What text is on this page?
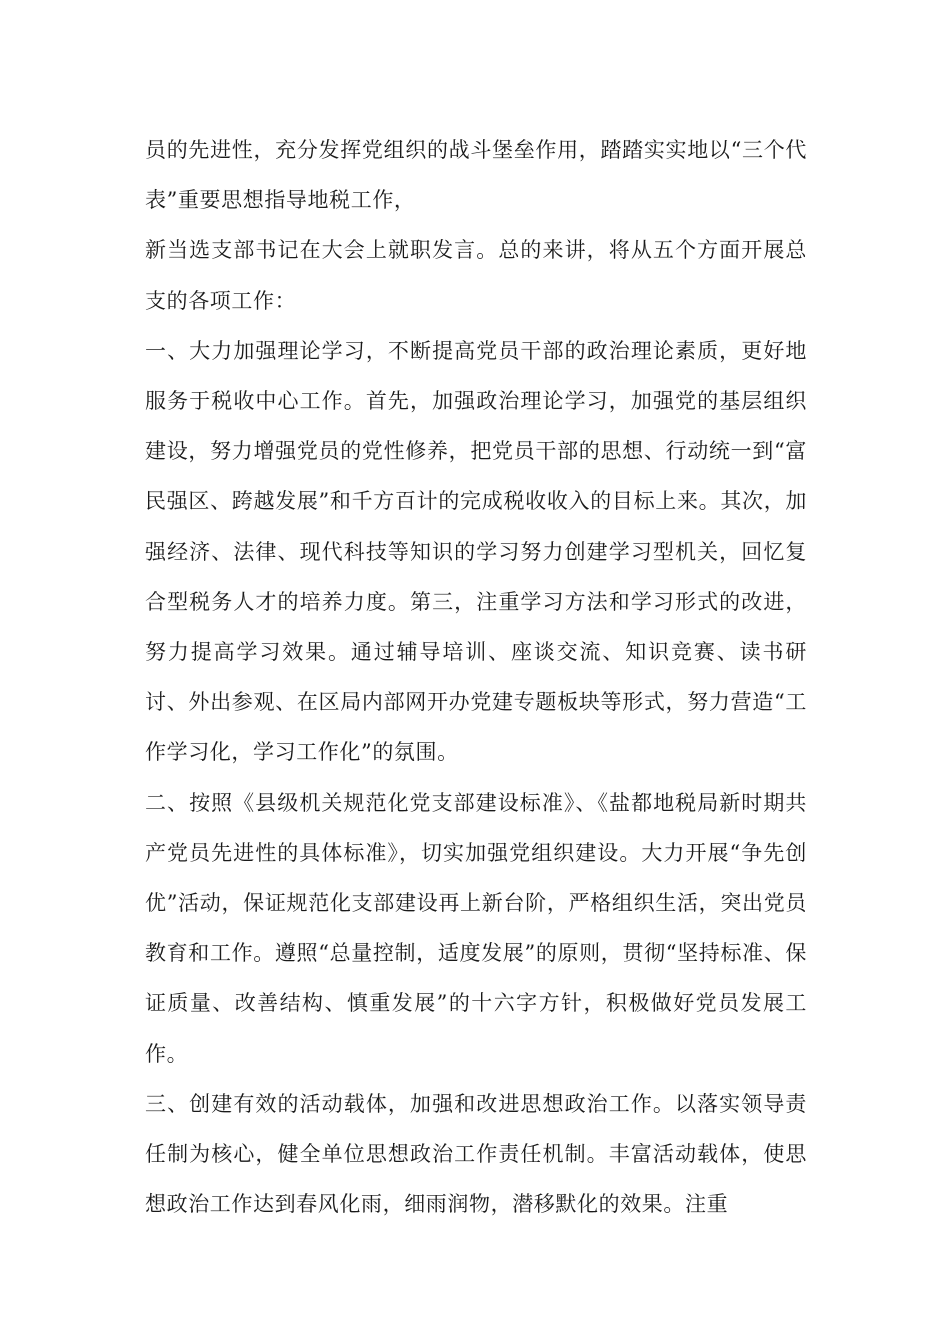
员的先进性，充分发挥党组织的战斗堡垒作用，踏踏实实地以“三个代表”重要思想指导地税工作，

新当选支部书记在大会上就职发言。总的来讲，将从五个方面开展总支的各项工作：

一、大力加强理论学习，不断提高党员干部的政治理论素质，更好地服务于税收中心工作。首先，加强政治理论学习，加强党的基层组织建设，努力增强党员的党性修养，把党员干部的思想、行动统一到“富民强区、跨越发展”和千方百计的完成税收收入的目标上来。其次，加强经济、法律、现代科技等知识的学习努力创建学习型机关，回忆复合型税务人才的培养力度。第三，注重学习方法和学习形式的改进，努力提高学习效果。通过辅导培训、座谈交流、知识竞赛、读书研讨、外出参观、在区局内部网开办党建专题板块等形式，努力营造“工作学习化，学习工作化”的氛围。

二、按照《县级机关规范化党支部建设标准》、《盐都地税局新时期共产党员先进性的具体标准》，切实加强党组织建设。大力开展“争先创优”活动，保证规范化支部建设再上新台阶，严格组织生活，突出党员教育和工作。遵照“总量控制，适度发展”的原则，贯彻“坚持标准、保证质量、改善结构、慎重发展”的十六字方针，积极做好党员发展工作。

三、创建有效的活动载体，加强和改进思想政治工作。以落实领导责任制为核心，健全单位思想政治工作责任机制。丰富活动载体，使思想政治工作达到春风化雨，细雨润物，潜移默化的效果。注重
